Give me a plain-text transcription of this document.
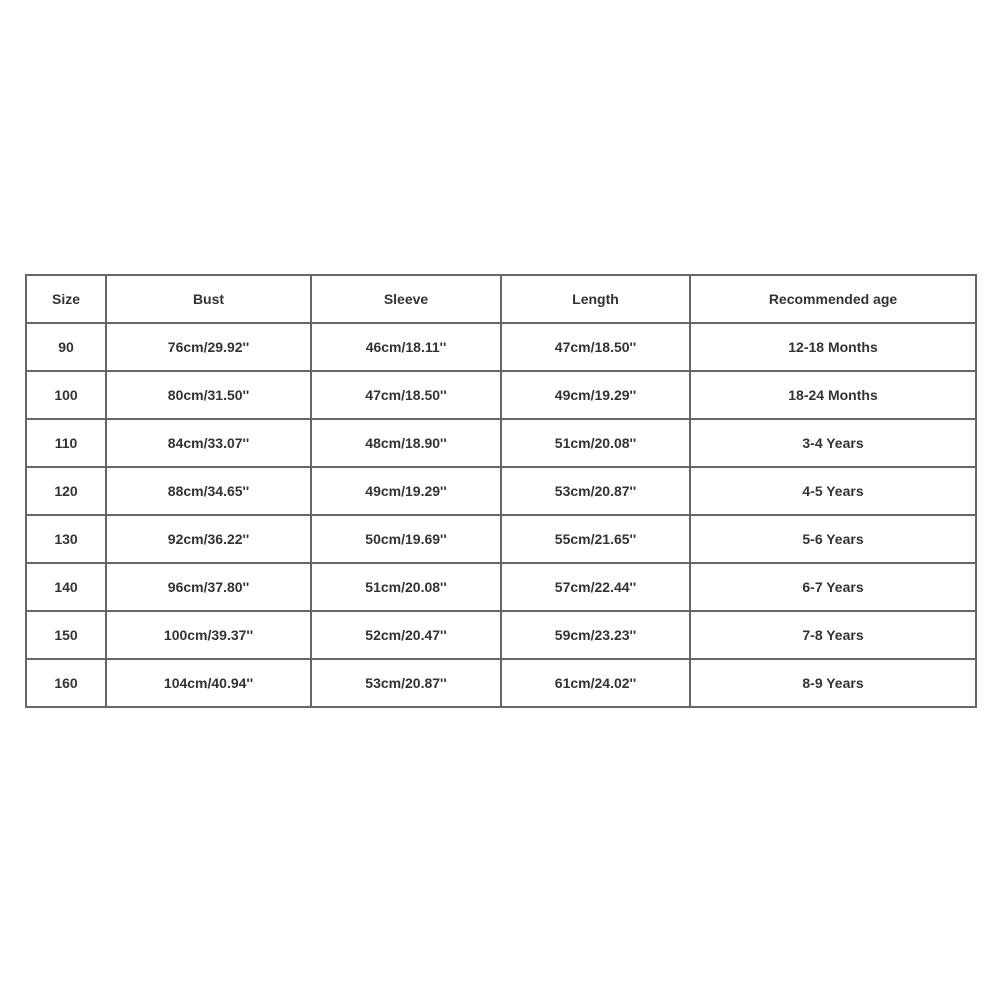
Size	Bust	Sleeve	Length	Recommended age
90	76cm/29.92''	46cm/18.11''	47cm/18.50''	12-18 Months
100	80cm/31.50''	47cm/18.50''	49cm/19.29''	18-24 Months
110	84cm/33.07''	48cm/18.90''	51cm/20.08''	3-4 Years
120	88cm/34.65''	49cm/19.29''	53cm/20.87''	4-5 Years
130	92cm/36.22''	50cm/19.69''	55cm/21.65''	5-6 Years
140	96cm/37.80''	51cm/20.08''	57cm/22.44''	6-7 Years
150	100cm/39.37''	52cm/20.47''	59cm/23.23''	7-8 Years
160	104cm/40.94''	53cm/20.87''	61cm/24.02''	8-9 Years
